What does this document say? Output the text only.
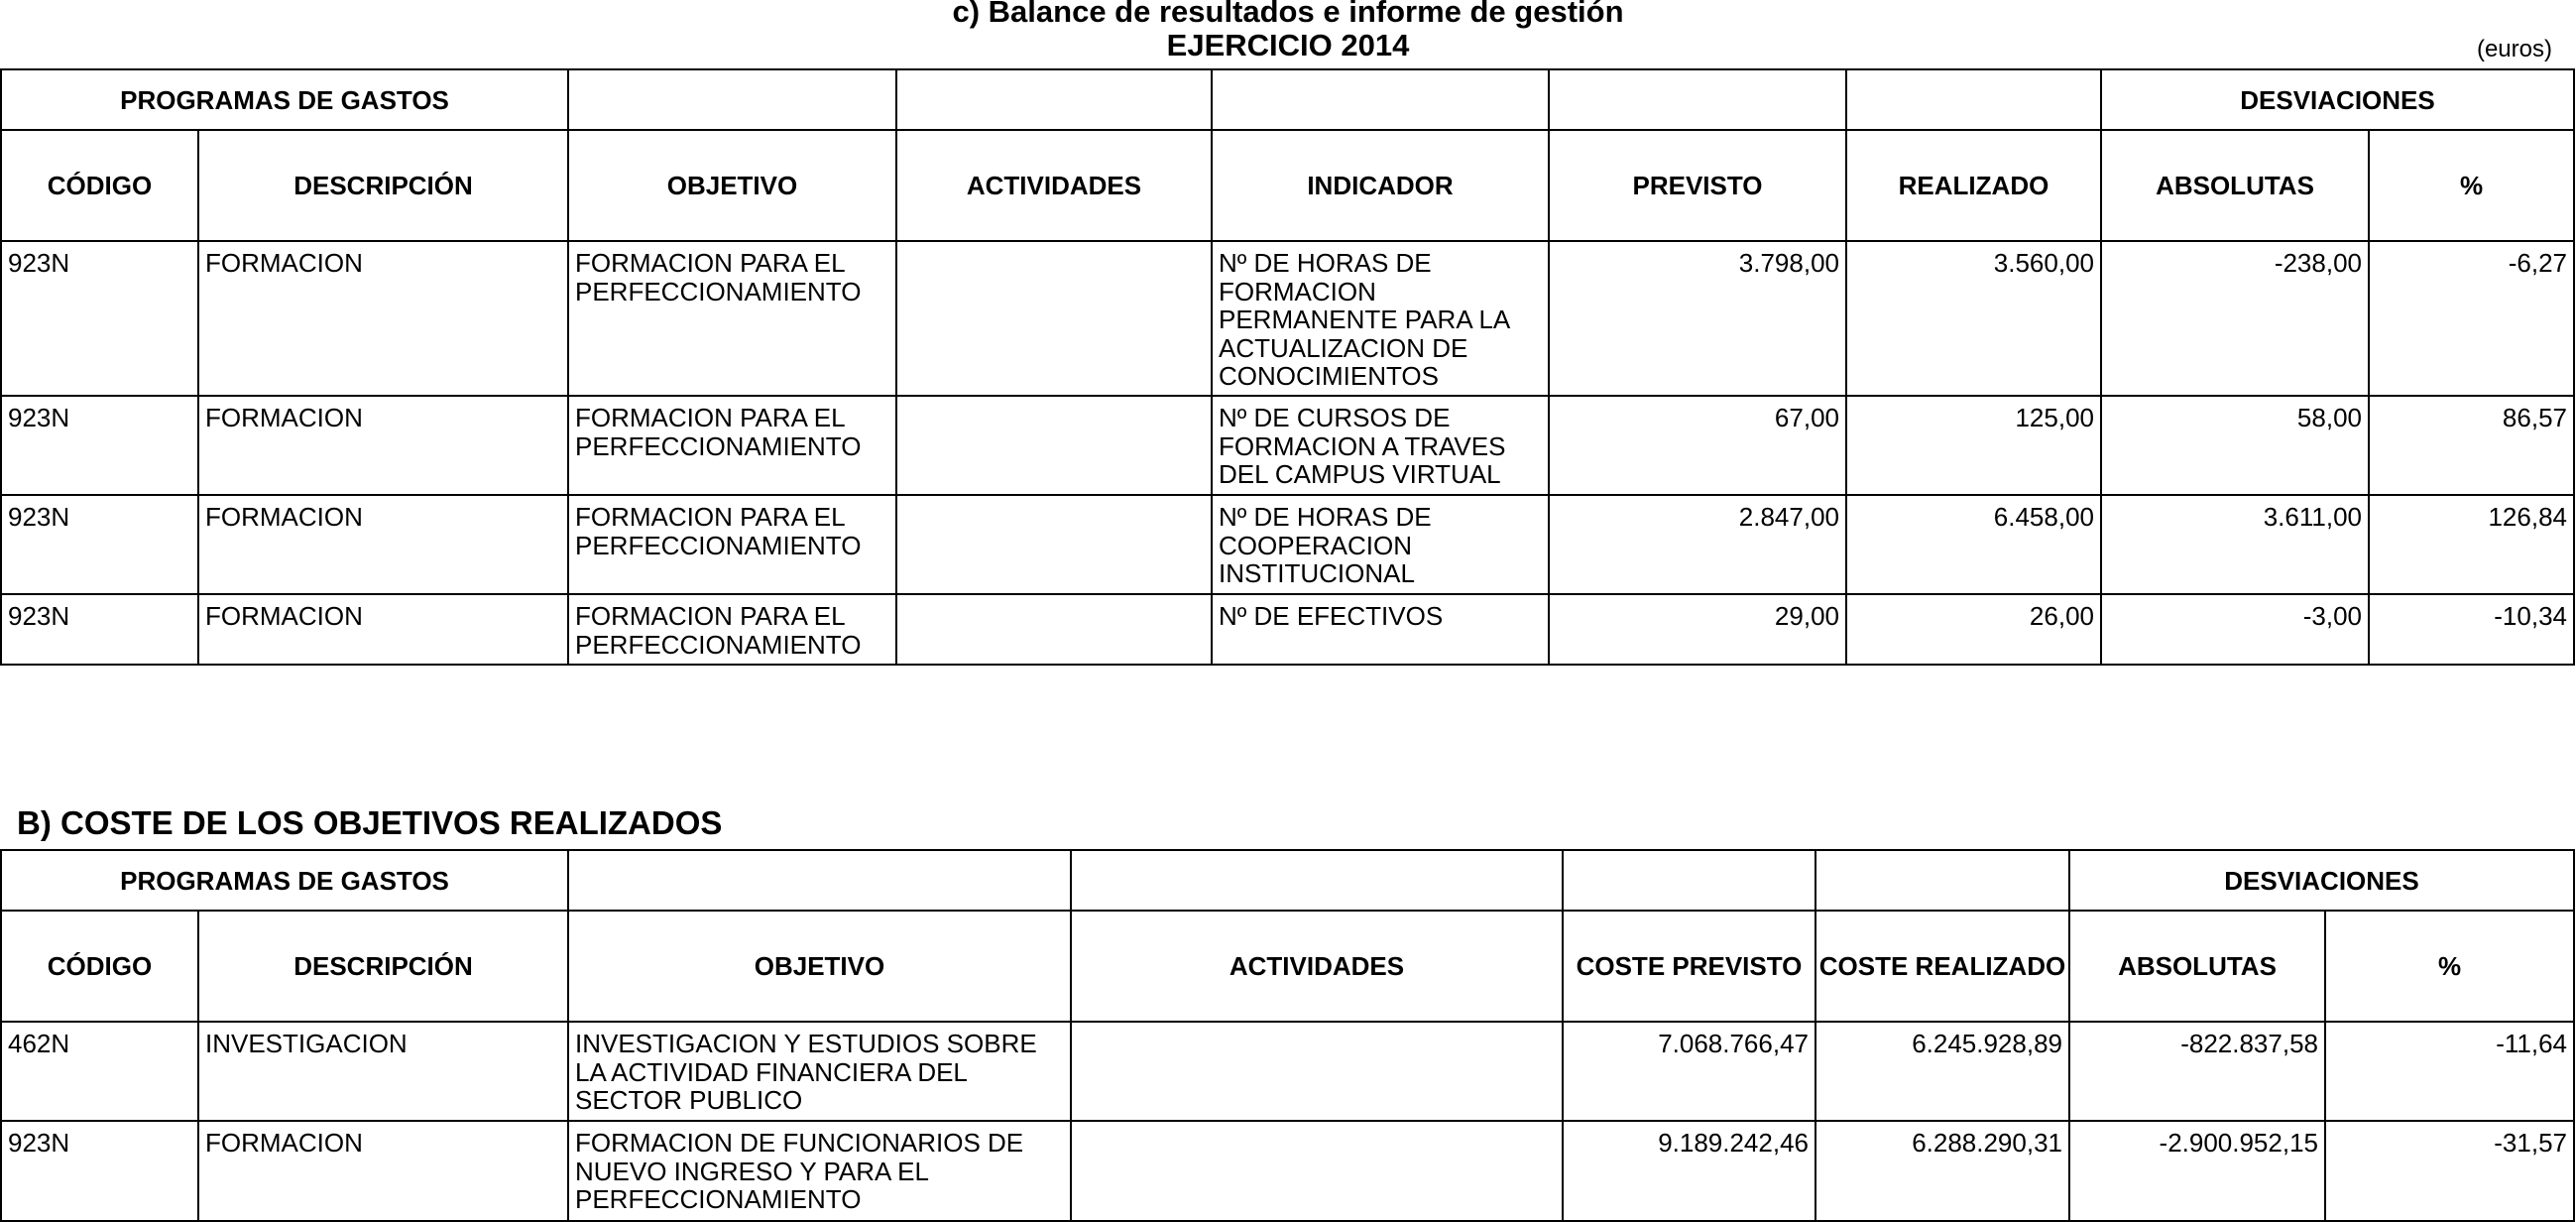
c) Balance de resultados e informe de gestión
EJERCICIO 2014	(euros)
PROGRAMAS DE GASTOS							DESVIACIONES	
CÓDIGO	DESCRIPCIÓN	OBJETIVO	ACTIVIDADES	INDICADOR	PREVISTO	REALIZADO	ABSOLUTAS	%
923N	FORMACION	FORMACION PARA EL PERFECCIONAMIENTO		Nº DE HORAS DE FORMACION PERMANENTE PARA LA ACTUALIZACION DE CONOCIMIENTOS	3.798,00	3.560,00	-238,00	-6,27
923N	FORMACION	FORMACION PARA EL PERFECCIONAMIENTO		Nº DE CURSOS DE FORMACION A TRAVES DEL CAMPUS VIRTUAL	67,00	125,00	58,00	86,57
923N	FORMACION	FORMACION PARA EL PERFECCIONAMIENTO		Nº DE HORAS DE COOPERACION INSTITUCIONAL	2.847,00	6.458,00	3.611,00	126,84
923N	FORMACION	FORMACION PARA EL PERFECCIONAMIENTO		Nº DE EFECTIVOS	29,00	26,00	-3,00	-10,34
B) COSTE DE LOS OBJETIVOS REALIZADOS
PROGRAMAS DE GASTOS						DESVIACIONES	
CÓDIGO	DESCRIPCIÓN	OBJETIVO	ACTIVIDADES	COSTE PREVISTO	COSTE REALIZADO	ABSOLUTAS	%
462N	INVESTIGACION	INVESTIGACION Y ESTUDIOS SOBRE LA ACTIVIDAD FINANCIERA DEL SECTOR PUBLICO		7.068.766,47	6.245.928,89	-822.837,58	-11,64
923N	FORMACION	FORMACION DE FUNCIONARIOS DE NUEVO INGRESO Y PARA EL PERFECCIONAMIENTO		9.189.242,46	6.288.290,31	-2.900.952,15	-31,57
